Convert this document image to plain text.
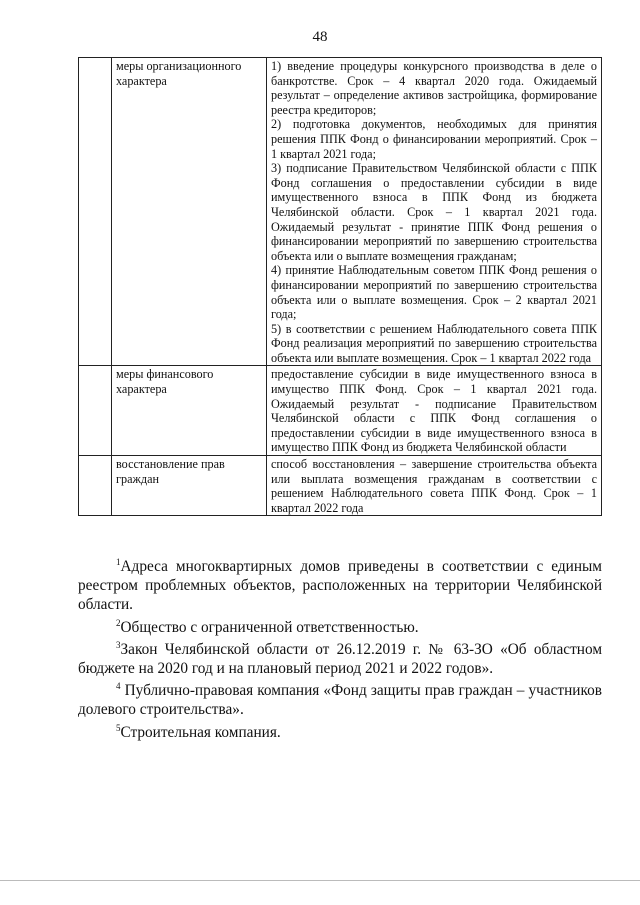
48
	меры организационного характера	1) введение процедуры конкурсного производства в деле о банкротстве. Срок – 4 квартал 2020 года. Ожидаемый результат – определение активов застройщика, формирование реестра кредиторов;
2) подготовка документов, необходимых для принятия решения ППК Фонд о финансировании мероприятий. Срок – 1 квартал 2021 года;
3) подписание Правительством Челябинской области с ППК Фонд соглашения о предоставлении субсидии в виде имущественного взноса в ППК Фонд из бюджета Челябинской области. Срок – 1 квартал 2021 года. Ожидаемый результат - принятие ППК Фонд решения о финансировании мероприятий по завершению строительства объекта или о выплате возмещения гражданам;
4) принятие Наблюдательным советом ППК Фонд решения о финансировании мероприятий по завершению строительства объекта или о выплате возмещения. Срок – 2 квартал 2021 года;
5) в соответствии с решением Наблюдательного совета ППК Фонд реализация мероприятий по завершению строительства объекта или выплате возмещения. Срок – 1 квартал 2022 года

	меры финансового характера	предоставление субсидии в виде имущественного взноса в имущество ППК Фонд. Срок – 1 квартал 2021 года. Ожидаемый результат - подписание Правительством Челябинской области с ППК Фонд соглашения о предоставлении субсидии в виде имущественного взноса в имущество ППК Фонд из бюджета Челябинской области

	восстановление прав граждан	способ восстановления – завершение строительства объекта или выплата возмещения гражданам в соответствии с решением Наблюдательного совета ППК Фонд. Срок – 1 квартал 2022 года

$^1$Адреса многоквартирных домов приведены в соответствии с единым реестром проблемных объектов, расположенных на территории Челябинской области.

$^2$Общество с ограниченной ответственностью.

$^3$Закон Челябинской области от 26.12.2019 г. № 63-ЗО «Об областном бюджете на 2020 год и на плановый период 2021 и 2022 годов».

$^4$ Публично-правовая компания «Фонд защиты прав граждан – участников долевого строительства».

$^5$Строительная компания.
